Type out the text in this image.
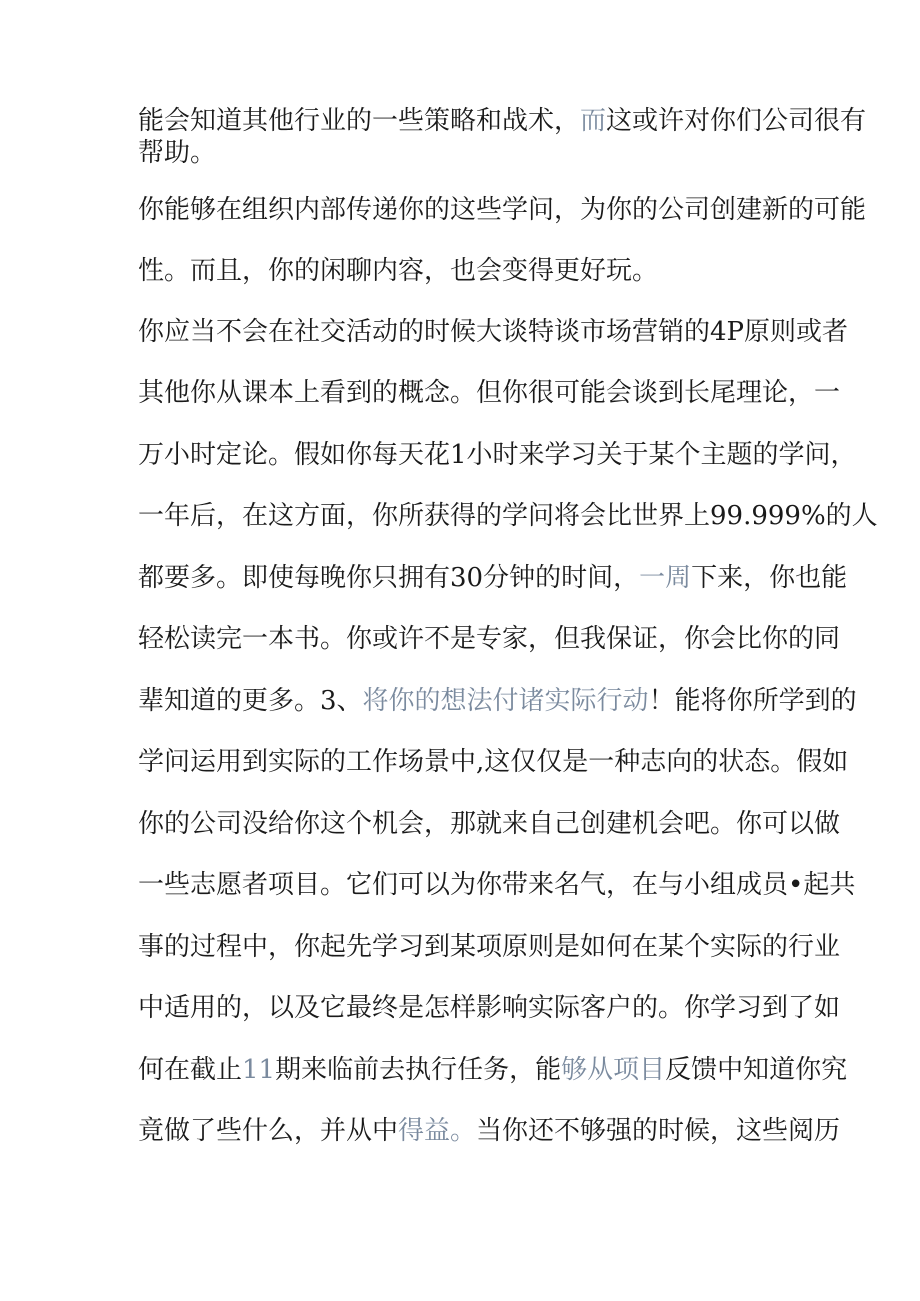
能会知道其他行业的一些策略和战术，而这或许对你们公司很有
帮助。
你能够在组织内部传递你的这些学问，为你的公司创建新的可能
性。而且，你的闲聊内容，也会变得更好玩。
你应当不会在社交活动的时候大谈特谈市场营销的4P原则或者
其他你从课本上看到的概念。但你很可能会谈到长尾理论，一
万小时定论。假如你每天花1小时来学习关于某个主题的学问，
一年后，在这方面，你所获得的学问将会比世界上99.999%的人
都要多。即使每晚你只拥有30分钟的时间，一周下来，你也能
轻松读完一本书。你或许不是专家，但我保证，你会比你的同
辈知道的更多。3、将你的想法付诸实际行动！能将你所学到的
学问运用到实际的工作场景中,这仅仅是一种志向的状态。假如
你的公司没给你这个机会，那就来自己创建机会吧。你可以做
一些志愿者项目。它们可以为你带来名气，在与小组成员•起共
事的过程中，你起先学习到某项原则是如何在某个实际的行业
中适用的，以及它最终是怎样影响实际客户的。你学习到了如
何在截止11期来临前去执行任务，能够从项目反馈中知道你究
竟做了些什么，并从中得益。当你还不够强的时候，这些阅历
